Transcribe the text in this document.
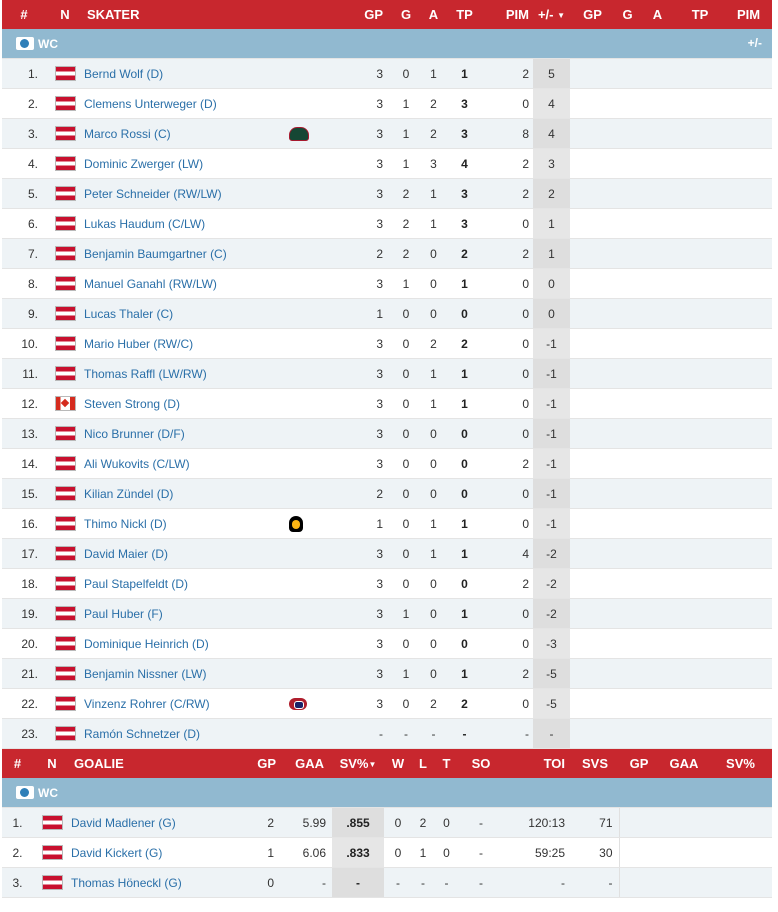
#	N	SKATER		GP	G	A	TP	PIM	+/- ▼	GP	G	A	TP	PIM
WC +/-														

1.		Bernd Wolf (D)		3	0	1	1	2	5					
2.		Clemens Unterweger (D)		3	1	2	3	0	4					
3.		Marco Rossi (C)		3	1	2	3	8	4					
4.		Dominic Zwerger (LW)		3	1	3	4	2	3					
5.		Peter Schneider (RW/LW)		3	2	1	3	2	2					
6.		Lukas Haudum (C/LW)		3	2	1	3	0	1					
7.		Benjamin Baumgartner (C)		2	2	0	2	2	1					
8.		Manuel Ganahl (RW/LW)		3	1	0	1	0	0					
9.		Lucas Thaler (C)		1	0	0	0	0	0					
10.		Mario Huber (RW/C)		3	0	2	2	0	-1					
11.		Thomas Raffl (LW/RW)		3	0	1	1	0	-1					
12.		Steven Strong (D)		3	0	1	1	0	-1					
13.		Nico Brunner (D/F)		3	0	0	0	0	-1					
14.		Ali Wukovits (C/LW)		3	0	0	0	2	-1					
15.		Kilian Zündel (D)		2	0	0	0	0	-1					
16.		Thimo Nickl (D)		1	0	1	1	0	-1					
17.		David Maier (D)		3	0	1	1	4	-2					
18.		Paul Stapelfeldt (D)		3	0	0	0	2	-2					
19.		Paul Huber (F)		3	1	0	1	0	-2					
20.		Dominique Heinrich (D)		3	0	0	0	0	-3					
21.		Benjamin Nissner (LW)		3	1	0	1	2	-5					
22.		Vinzenz Rohrer (C/RW)		3	0	2	2	0	-5					
23.		Ramón Schnetzer (D)		-	-	-	-	-	-					
#	N	GOALIE	GP	GAA	SV%▼	W	L	T	SO	TOI	SVS	GP	GAA	SV%
WC														
1.		David Madlener (G)	2	5.99	.855	0	2	0	-	120:13	71			
2.		David Kickert (G)	1	6.06	.833	0	1	0	-	59:25	30			
3.		Thomas Höneckl (G)	0	-	-	-	-	-	-	-	-			
